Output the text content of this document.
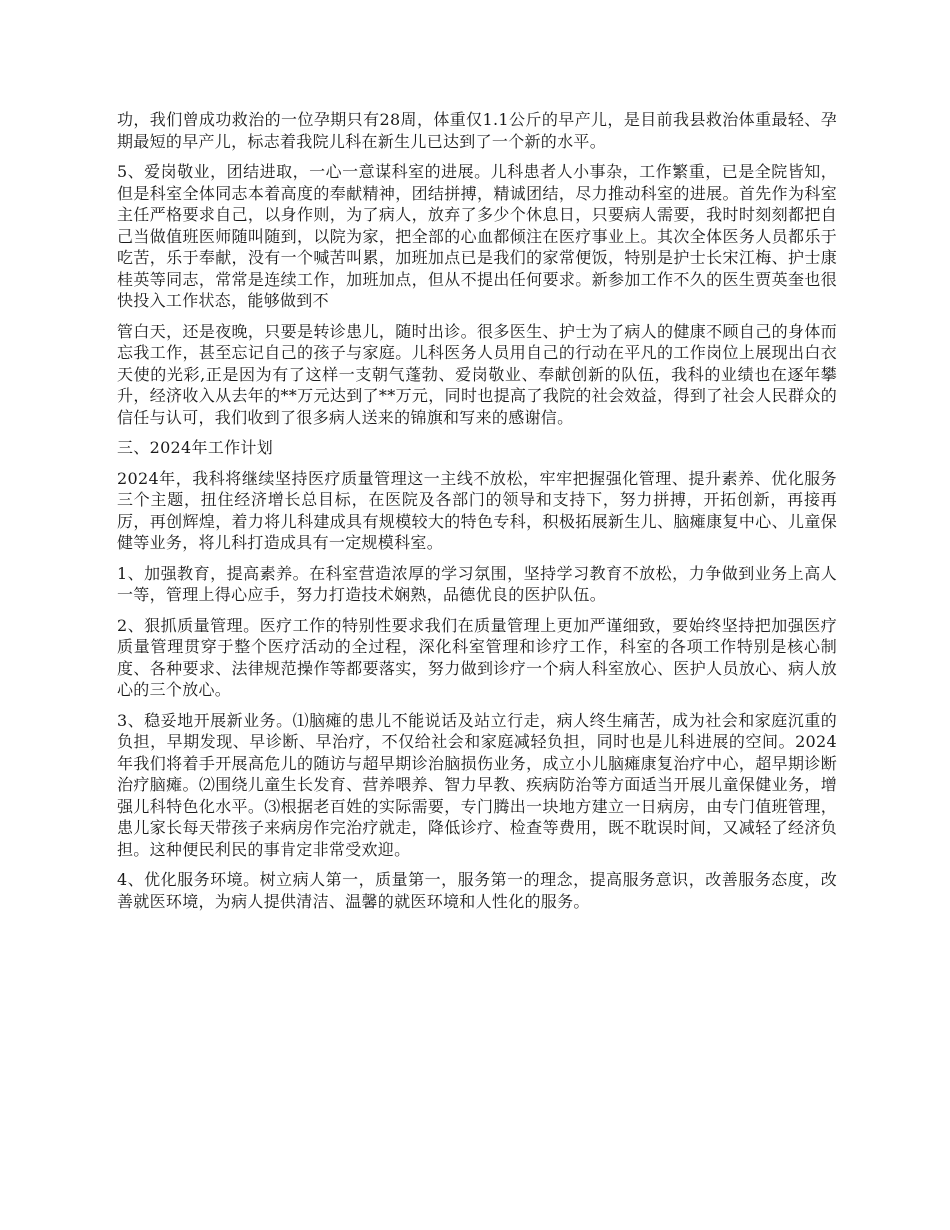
功，我们曾成功救治的一位孕期只有28周，体重仅1.1公斤的早产儿，是目前我县救治体重最轻、孕期最短的早产儿，标志着我院儿科在新生儿已达到了一个新的水平。

5、爱岗敬业，团结进取，一心一意谋科室的进展。儿科患者人小事杂，工作繁重，已是全院皆知，但是科室全体同志本着高度的奉献精神，团结拼搏，精诚团结，尽力推动科室的进展。首先作为科室主任严格要求自己，以身作则，为了病人，放弃了多少个休息日，只要病人需要，我时时刻刻都把自己当做值班医师随叫随到，以院为家，把全部的心血都倾注在医疗事业上。其次全体医务人员都乐于吃苦，乐于奉献，没有一个喊苦叫累，加班加点已是我们的家常便饭，特别是护士长宋江梅、护士康桂英等同志，常常是连续工作，加班加点，但从不提出任何要求。新参加工作不久的医生贾英奎也很快投入工作状态，能够做到不

管白天，还是夜晚，只要是转诊患儿，随时出诊。很多医生、护士为了病人的健康不顾自己的身体而忘我工作，甚至忘记自己的孩子与家庭。儿科医务人员用自己的行动在平凡的工作岗位上展现出白衣天使的光彩,正是因为有了这样一支朝气蓬勃、爱岗敬业、奉献创新的队伍，我科的业绩也在逐年攀升，经济收入从去年的**万元达到了**万元，同时也提高了我院的社会效益，得到了社会人民群众的信任与认可，我们收到了很多病人送来的锦旗和写来的感谢信。

三、2024年工作计划

2024年，我科将继续坚持医疗质量管理这一主线不放松，牢牢把握强化管理、提升素养、优化服务三个主题，扭住经济增长总目标，在医院及各部门的领导和支持下，努力拼搏，开拓创新，再接再厉，再创辉煌，着力将儿科建成具有规模较大的特色专科，积极拓展新生儿、脑瘫康复中心、儿童保健等业务，将儿科打造成具有一定规模科室。

1、加强教育，提高素养。在科室营造浓厚的学习氛围，坚持学习教育不放松，力争做到业务上高人一等，管理上得心应手，努力打造技术娴熟，品德优良的医护队伍。

2、狠抓质量管理。医疗工作的特别性要求我们在质量管理上更加严谨细致，要始终坚持把加强医疗质量管理贯穿于整个医疗活动的全过程，深化科室管理和诊疗工作，科室的各项工作特别是核心制度、各种要求、法律规范操作等都要落实，努力做到诊疗一个病人科室放心、医护人员放心、病人放心的三个放心。

3、稳妥地开展新业务。⑴脑瘫的患儿不能说话及站立行走，病人终生痛苦，成为社会和家庭沉重的负担，早期发现、早诊断、早治疗，不仅给社会和家庭减轻负担，同时也是儿科进展的空间。2024年我们将着手开展高危儿的随访与超早期诊治脑损伤业务，成立小儿脑瘫康复治疗中心，超早期诊断治疗脑瘫。⑵围绕儿童生长发育、营养喂养、智力早教、疾病防治等方面适当开展儿童保健业务，增强儿科特色化水平。⑶根据老百姓的实际需要，专门腾出一块地方建立一日病房，由专门值班管理，患儿家长每天带孩子来病房作完治疗就走，降低诊疗、检查等费用，既不耽误时间，又减轻了经济负担。这种便民利民的事肯定非常受欢迎。

4、优化服务环境。树立病人第一，质量第一，服务第一的理念，提高服务意识，改善服务态度，改善就医环境，为病人提供清洁、温馨的就医环境和人性化的服务。
